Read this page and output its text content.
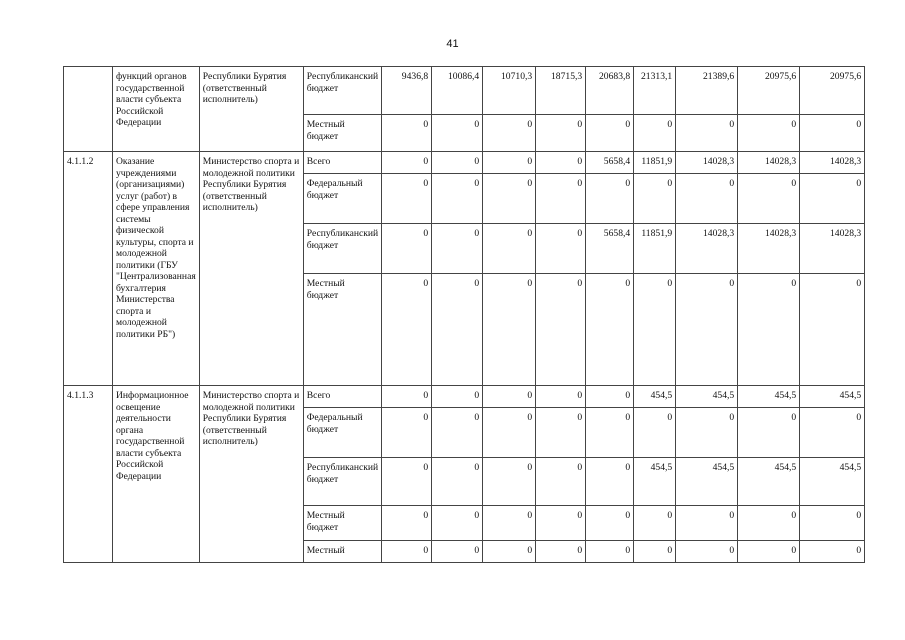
41
	функций органов государственной власти субъекта Российской Федерации	Республики Бурятия (ответственный исполнитель)	Республиканский бюджет	9436,8	10086,4	10710,3	18715,3	20683,8	21313,1	21389,6	20975,6	20975,6
			Местный бюджет	0	0	0	0	0	0	0	0	0
4.1.1.2	Оказание учреждениями (организациями) услуг (работ) в сфере управления системы физической культуры, спорта и молодежной политики (ГБУ "Централизованная бухгалтерия Министерства спорта и молодежной политики РБ")	Министерство спорта и молодежной политики Республики Бурятия (ответственный исполнитель)	Всего	0	0	0	0	5658,4	11851,9	14028,3	14028,3	14028,3
			Федеральный бюджет	0	0	0	0	0	0	0	0	0
			Республиканский бюджет	0	0	0	0	5658,4	11851,9	14028,3	14028,3	14028,3
			Местный бюджет	0	0	0	0	0	0	0	0	0
4.1.1.3	Информационное освещение деятельности органа государственной власти субъекта Российской Федерации	Министерство спорта и молодежной политики Республики Бурятия (ответственный исполнитель)	Всего	0	0	0	0	0	454,5	454,5	454,5	454,5
			Федеральный бюджет	0	0	0	0	0	0	0	0	0
			Республиканский бюджет	0	0	0	0	0	454,5	454,5	454,5	454,5
			Местный бюджет	0	0	0	0	0	0	0	0	0
			Местный	0	0	0	0	0	0	0	0	0
